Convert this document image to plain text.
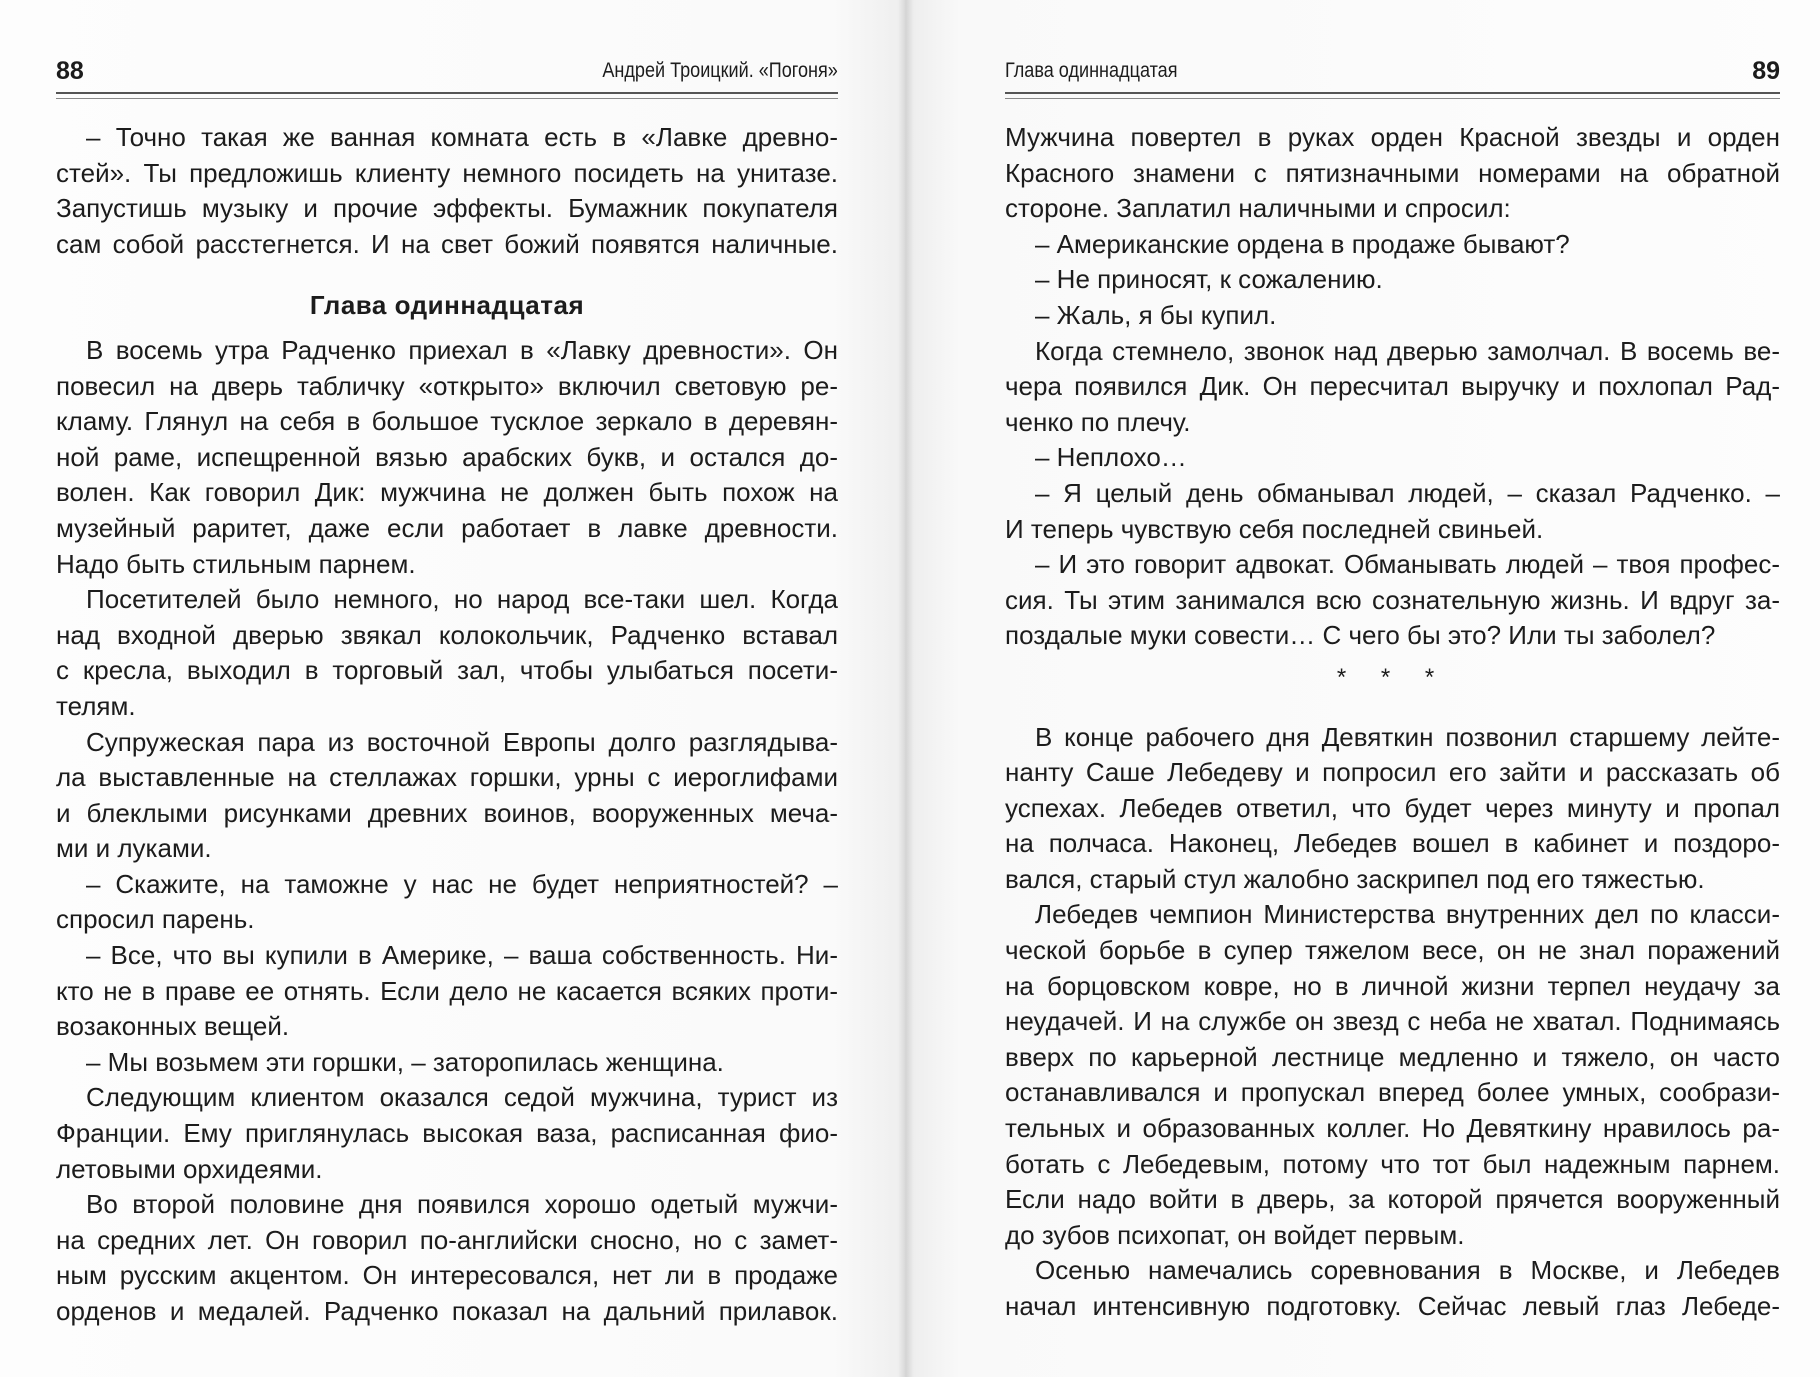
88	Андрей Троицкий. «Погоня»
– Точно такая же ванная комната есть в «Лавке древно-
стей». Ты предложишь клиенту немного посидеть на унитазе.
Запустишь музыку и прочие эффекты. Бумажник покупателя
сам собой расстегнется. И на свет божий появятся наличные.
Глава одиннадцатая
В восемь утра Радченко приехал в «Лавку древности». Он
повесил на дверь табличку «открыто» включил световую ре-
кламу. Глянул на себя в большое тусклое зеркало в деревян-
ной раме, испещренной вязью арабских букв, и остался до-
волен. Как говорил Дик: мужчина не должен быть похож на
музейный раритет, даже если работает в лавке древности.
Надо быть стильным парнем.
Посетителей было немного, но народ все-таки шел. Когда
над входной дверью звякал колокольчик, Радченко вставал
с кресла, выходил в торговый зал, чтобы улыбаться посети-
телям.
Супружеская пара из восточной Европы долго разглядыва-
ла выставленные на стеллажах горшки, урны с иероглифами
и блеклыми рисунками древних воинов, вооруженных меча-
ми и луками.
– Скажите, на таможне у нас не будет неприятностей? –
спросил парень.
– Все, что вы купили в Америке, – ваша собственность. Ни-
кто не в праве ее отнять. Если дело не касается всяких проти-
возаконных вещей.
– Мы возьмем эти горшки, – заторопилась женщина.
Следующим клиентом оказался седой мужчина, турист из
Франции. Ему приглянулась высокая ваза, расписанная фио-
летовыми орхидеями.
Во второй половине дня появился хорошо одетый мужчи-
на средних лет. Он говорил по-английски сносно, но с замет-
ным русским акцентом. Он интересовался, нет ли в продаже
орденов и медалей. Радченко показал на дальний прилавок.
Глава одиннадцатая	89
Мужчина повертел в руках орден Красной звезды и орден
Красного знамени с пятизначными номерами на обратной
стороне. Заплатил наличными и спросил:
– Американские ордена в продаже бывают?
– Не приносят, к сожалению.
– Жаль, я бы купил.
Когда стемнело, звонок над дверью замолчал. В восемь ве-
чера появился Дик. Он пересчитал выручку и похлопал Рад-
ченко по плечу.
– Неплохо…
– Я целый день обманывал людей, – сказал Радченко. –
И теперь чувствую себя последней свиньей.
– И это говорит адвокат. Обманывать людей – твоя профес-
сия. Ты этим занимался всю сознательную жизнь. И вдруг за-
поздалые муки совести… С чего бы это? Или ты заболел?
* * *
В конце рабочего дня Девяткин позвонил старшему лейте-
нанту Саше Лебедеву и попросил его зайти и рассказать об
успехах. Лебедев ответил, что будет через минуту и пропал
на полчаса. Наконец, Лебедев вошел в кабинет и поздоро-
вался, старый стул жалобно заскрипел под его тяжестью.
Лебедев чемпион Министерства внутренних дел по класси-
ческой борьбе в супер тяжелом весе, он не знал поражений
на борцовском ковре, но в личной жизни терпел неудачу за
неудачей. И на службе он звезд с неба не хватал. Поднимаясь
вверх по карьерной лестнице медленно и тяжело, он часто
останавливался и пропускал вперед более умных, сообрази-
тельных и образованных коллег. Но Девяткину нравилось ра-
ботать с Лебедевым, потому что тот был надежным парнем.
Если надо войти в дверь, за которой прячется вооруженный
до зубов психопат, он войдет первым.
Осенью намечались соревнования в Москве, и Лебедев
начал интенсивную подготовку. Сейчас левый глаз Лебеде-
